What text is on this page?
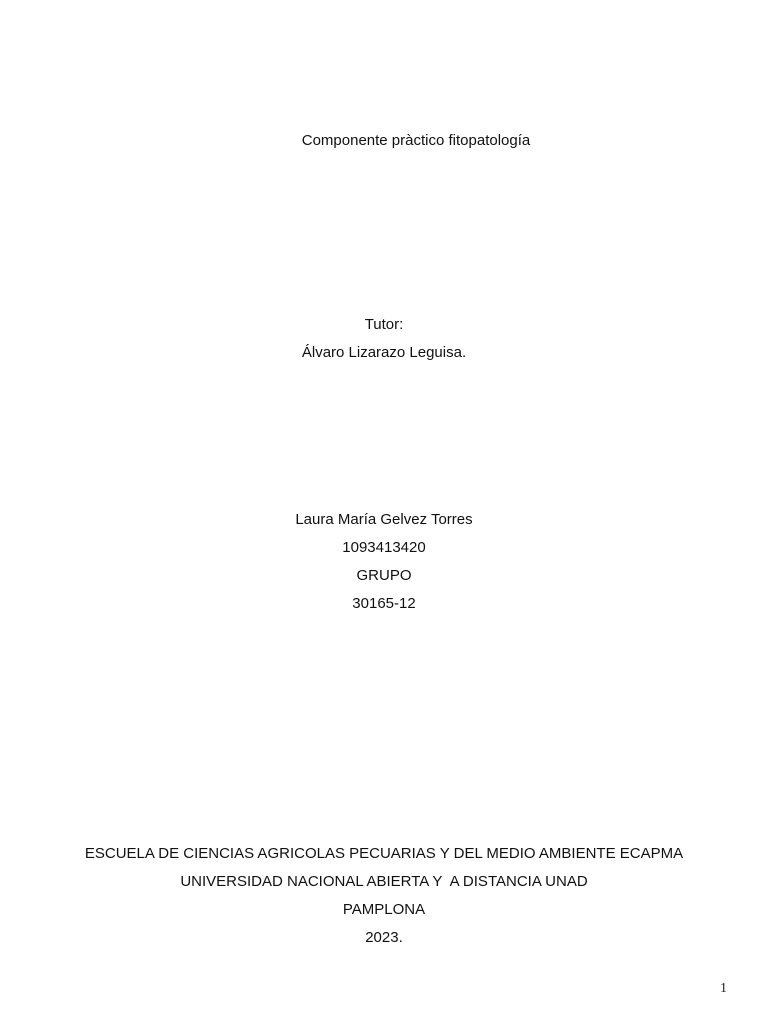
Componente pràctico fitopatología
Tutor:
Álvaro Lizarazo Leguisa.
Laura María Gelvez Torres
1093413420
GRUPO
30165-12
ESCUELA DE CIENCIAS AGRICOLAS PECUARIAS Y DEL MEDIO AMBIENTE ECAPMA
UNIVERSIDAD NACIONAL ABIERTA Y  A DISTANCIA UNAD
PAMPLONA
2023.
1
